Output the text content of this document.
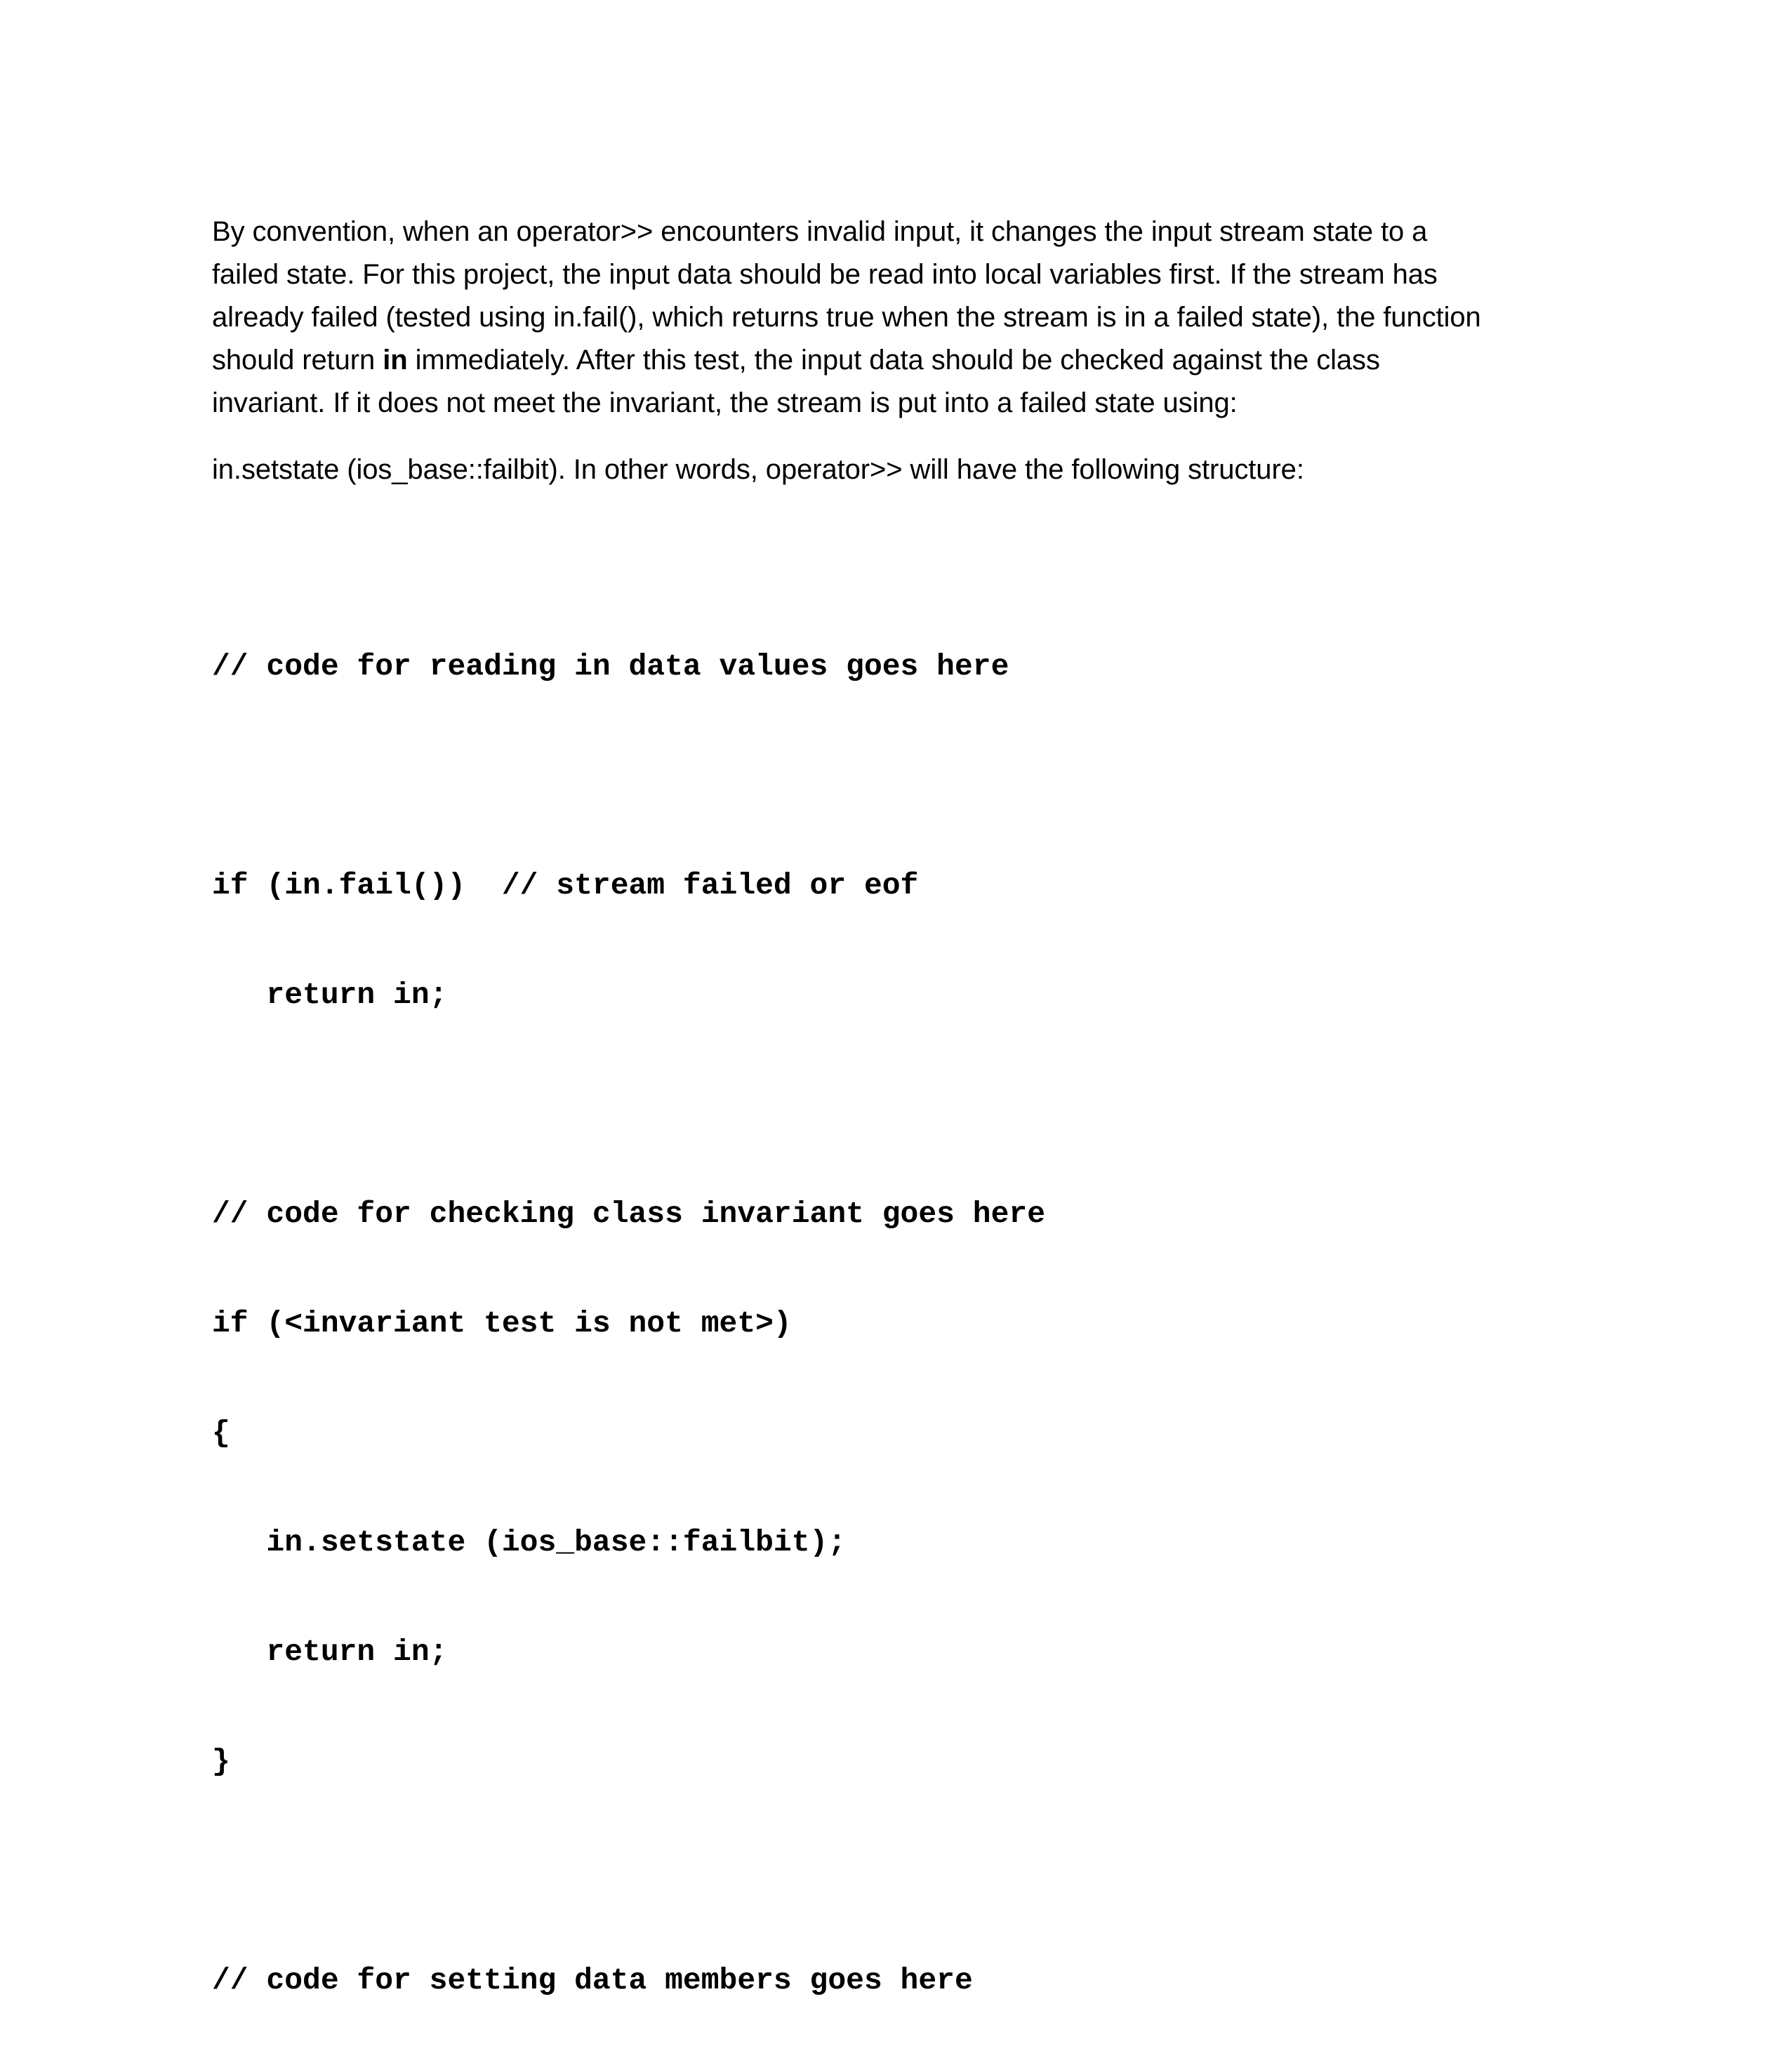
By convention, when an operator>> encounters invalid input, it changes the input stream state to a
failed state. For this project, the input data should be read into local variables first. If the stream has
already failed (tested using in.fail(), which returns true when the stream is in a failed state), the function
should return in immediately. After this test, the input data should be checked against the class
invariant. If it does not meet the invariant, the stream is put into a failed state using:

in.setstate (ios_base::failbit). In other words, operator>> will have the following structure:

// code for reading in data values goes here

if (in.fail())  // stream failed or eof

return in;

// code for checking class invariant goes here

if (<invariant test is not met>)

{

in.setstate (ios_base::failbit);

return in;

}

// code for setting data members goes here
